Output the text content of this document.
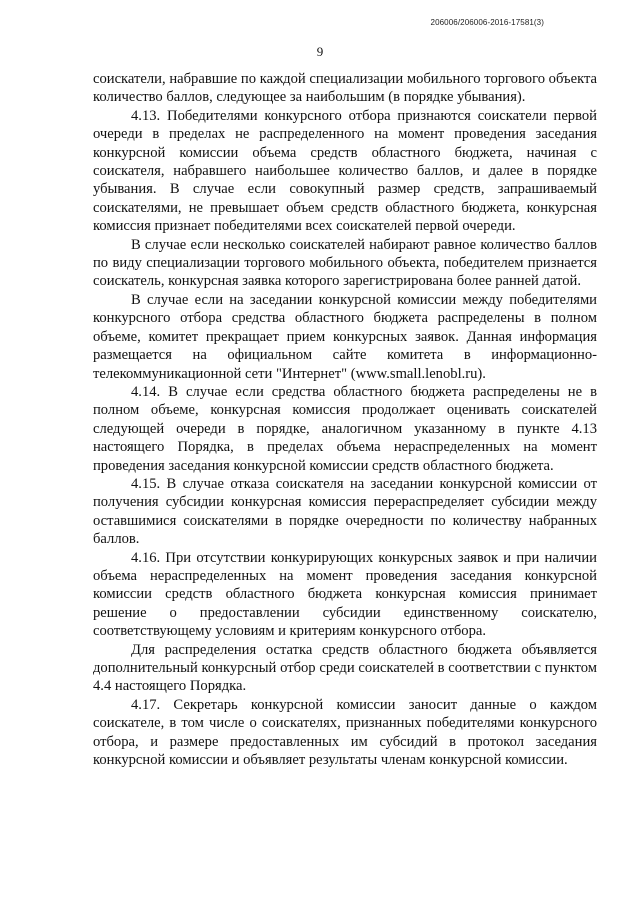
206006/206006-2016-17581(3)
9

соискатели, набравшие по каждой специализации мобильного торгового объекта количество баллов, следующее за наибольшим (в порядке убывания).

4.13. Победителями конкурсного отбора признаются соискатели первой очереди в пределах не распределенного на момент проведения заседания конкурсной комиссии объема средств областного бюджета, начиная с соискателя, набравшего наибольшее количество баллов, и далее в порядке убывания. В случае если совокупный размер средств, запрашиваемый соискателями, не превышает объем средств областного бюджета, конкурсная комиссия признает победителями всех соискателей первой очереди.

В случае если несколько соискателей набирают равное количество баллов по виду специализации торгового мобильного объекта, победителем признается соискатель, конкурсная заявка которого зарегистрирована более ранней датой.

В случае если на заседании конкурсной комиссии между победителями конкурсного отбора средства областного бюджета распределены в полном объеме, комитет прекращает прием конкурсных заявок. Данная информация размещается на официальном сайте комитета в информационно-телекоммуникационной сети "Интернет" (www.small.lenobl.ru).

4.14. В случае если средства областного бюджета распределены не в полном объеме, конкурсная комиссия продолжает оценивать соискателей следующей очереди в порядке, аналогичном указанному в пункте 4.13 настоящего Порядка, в пределах объема нераспределенных на момент проведения заседания конкурсной комиссии средств областного бюджета.

4.15. В случае отказа соискателя на заседании конкурсной комиссии от получения субсидии конкурсная комиссия перераспределяет субсидии между оставшимися соискателями в порядке очередности по количеству набранных баллов.

4.16. При отсутствии конкурирующих конкурсных заявок и при наличии объема нераспределенных на момент проведения заседания конкурсной комиссии средств областного бюджета конкурсная комиссия принимает решение о предоставлении субсидии единственному соискателю, соответствующему условиям и критериям конкурсного отбора.

Для распределения остатка средств областного бюджета объявляется дополнительный конкурсный отбор среди соискателей в соответствии с пунктом 4.4 настоящего Порядка.

4.17. Секретарь конкурсной комиссии заносит данные о каждом соискателе, в том числе о соискателях, признанных победителями конкурсного отбора, и размере предоставленных им субсидий в протокол заседания конкурсной комиссии и объявляет результаты членам конкурсной комиссии.
